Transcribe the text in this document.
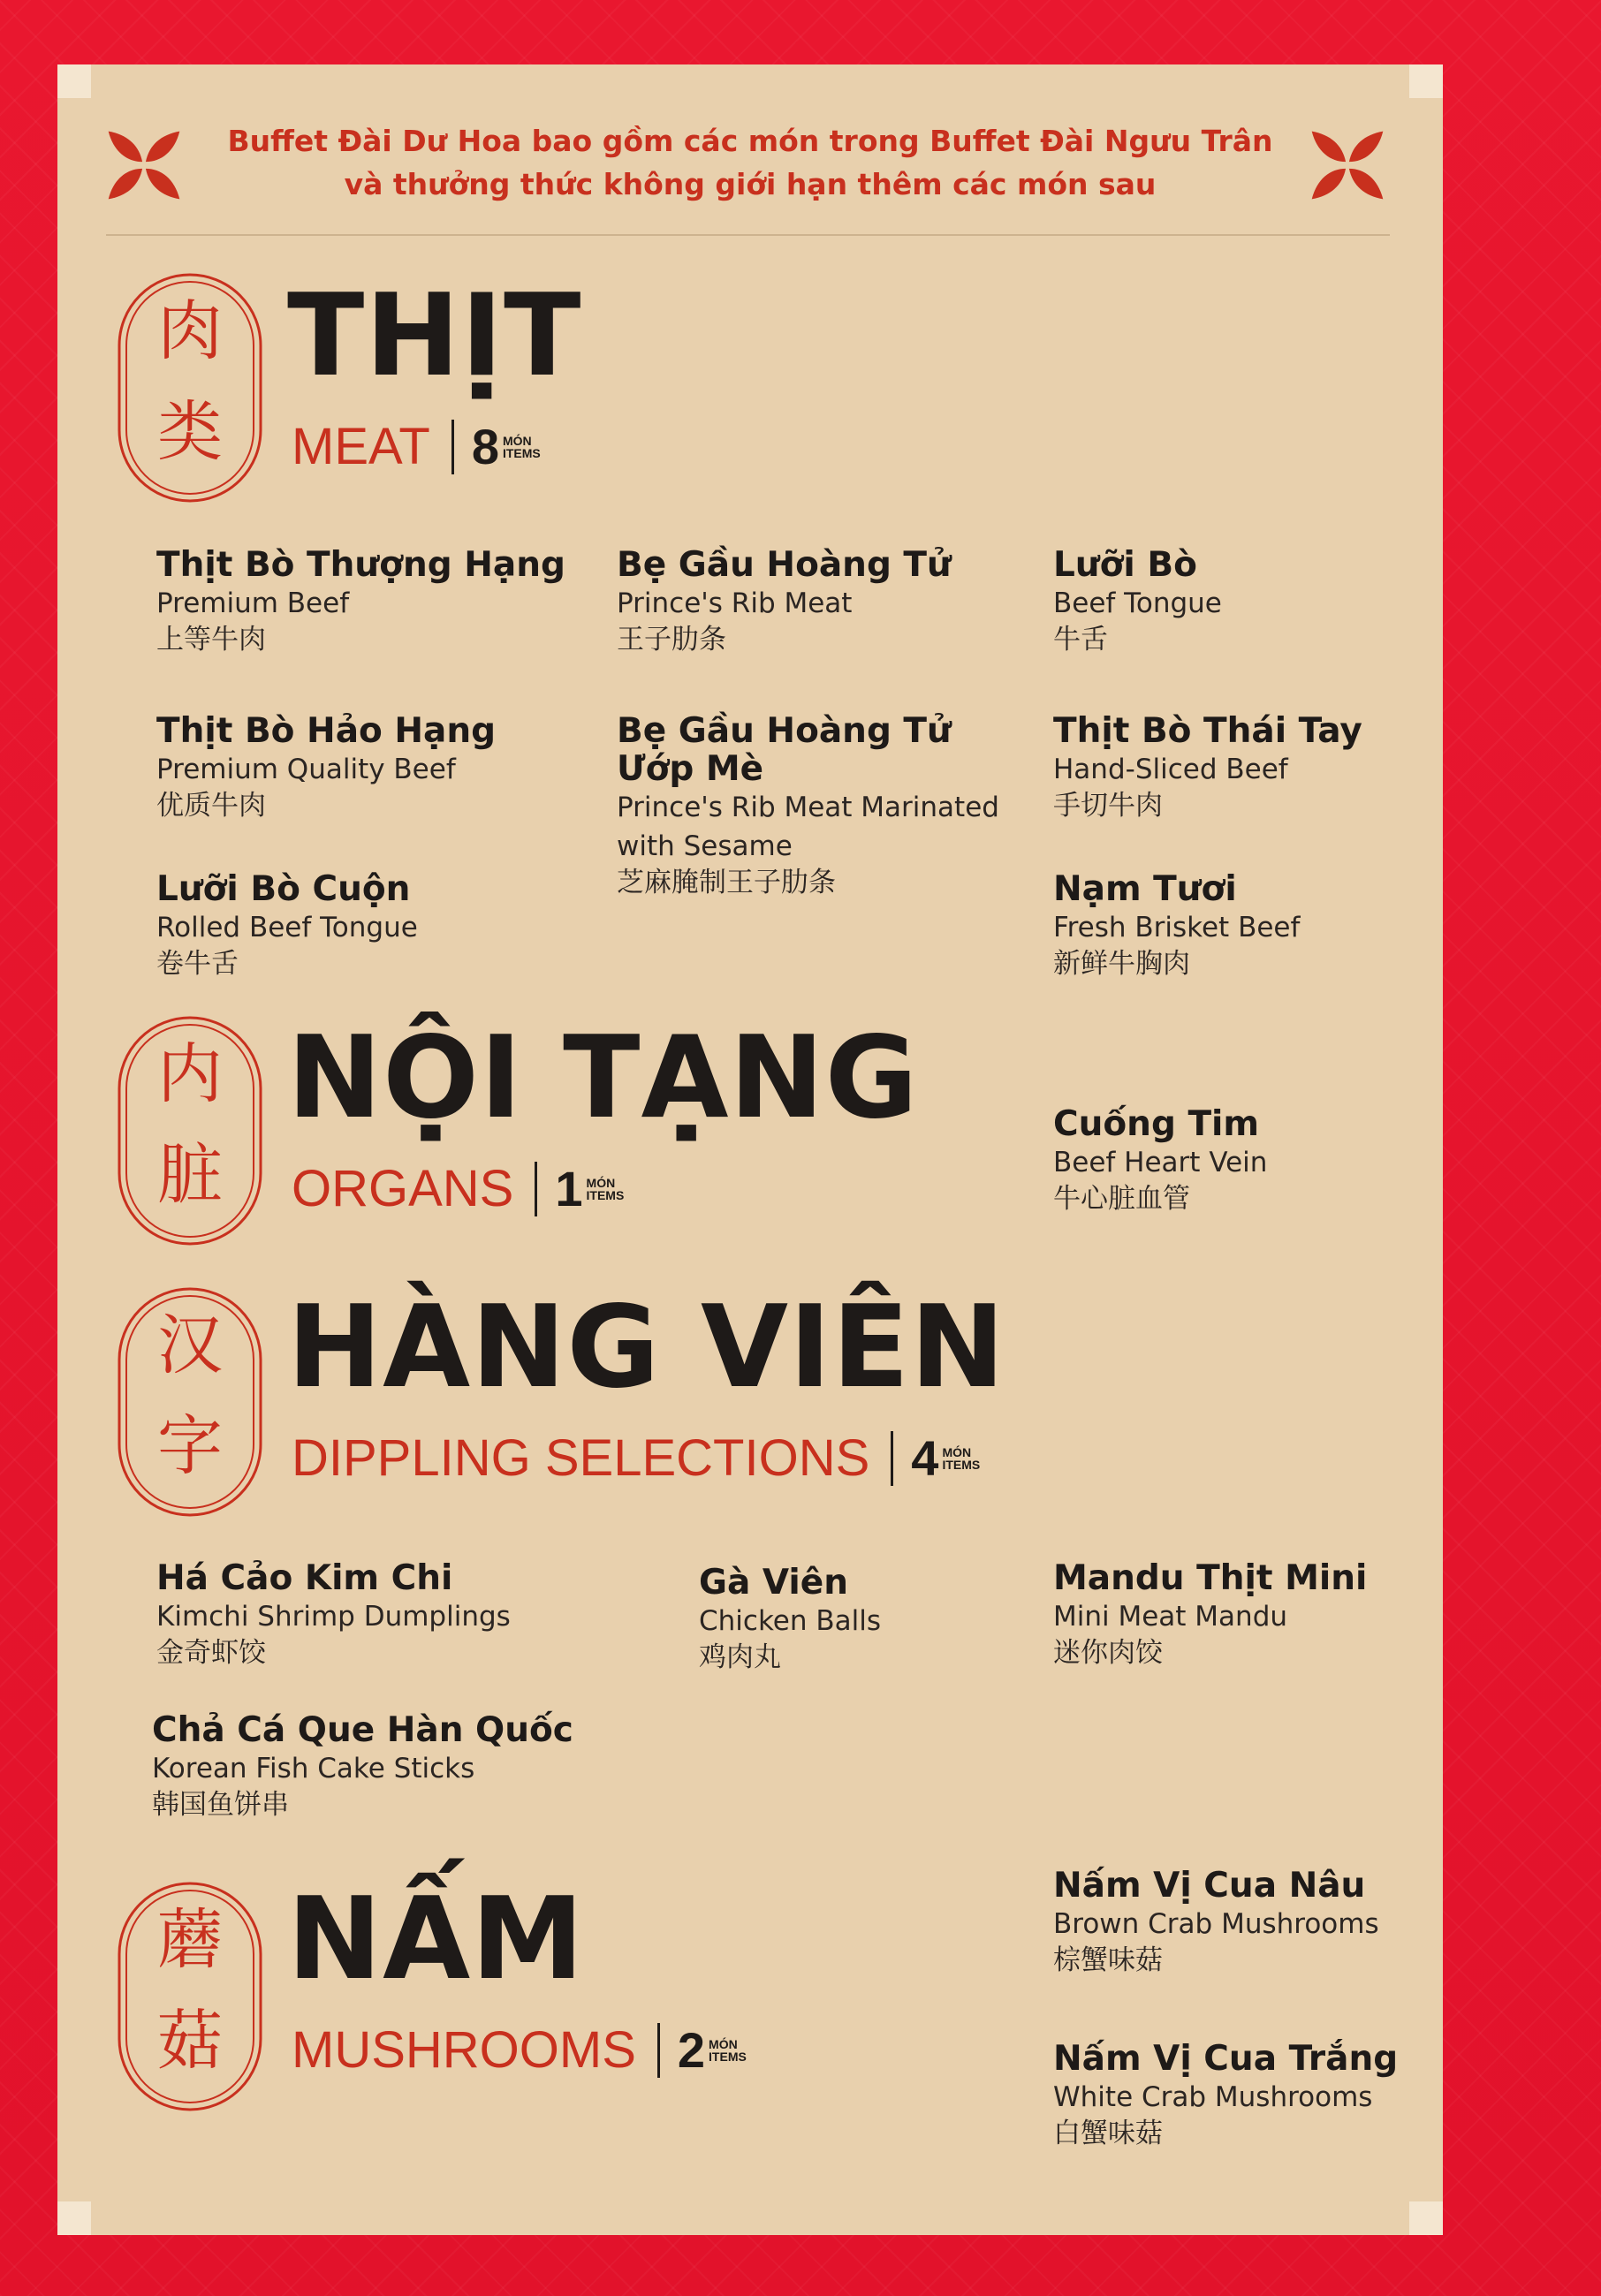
Buffet Đài Dư Hoa bao gồm các món trong Buffet Đài Ngưu Trân
và thưởng thức không giới hạn thêm các món sau
肉
类
THỊT
MEAT 8 MÓN
ITEMS
Thịt Bò Thượng Hạng
Premium Beef
上等牛肉
Bẹ Gầu Hoàng Tử
Prince's Rib Meat
王子肋条
Lưỡi Bò
Beef Tongue
牛舌
Thịt Bò Hảo Hạng
Premium Quality Beef
优质牛肉
Bẹ Gầu Hoàng Tử
Ướp Mè
Prince's Rib Meat Marinated
with Sesame
芝麻腌制王子肋条
Thịt Bò Thái Tay
Hand-Sliced Beef
手切牛肉
Lưỡi Bò Cuộn
Rolled Beef Tongue
卷牛舌
Nạm Tươi
Fresh Brisket Beef
新鲜牛胸肉
内
脏
NỘI TẠNG
ORGANS 1 MÓN
ITEMS
Cuống Tim
Beef Heart Vein
牛心脏血管
汉
字
HÀNG VIÊN
DIPPLING SELECTIONS 4 MÓN
ITEMS
Há Cảo Kim Chi
Kimchi Shrimp Dumplings
金奇虾饺
Gà Viên
Chicken Balls
鸡肉丸
Mandu Thịt Mini
Mini Meat Mandu
迷你肉饺
Chả Cá Que Hàn Quốc
Korean Fish Cake Sticks
韩国鱼饼串
蘑
菇
NẤM
MUSHROOMS 2 MÓN
ITEMS
Nấm Vị Cua Nâu
Brown Crab Mushrooms
棕蟹味菇
Nấm Vị Cua Trắng
White Crab Mushrooms
白蟹味菇
